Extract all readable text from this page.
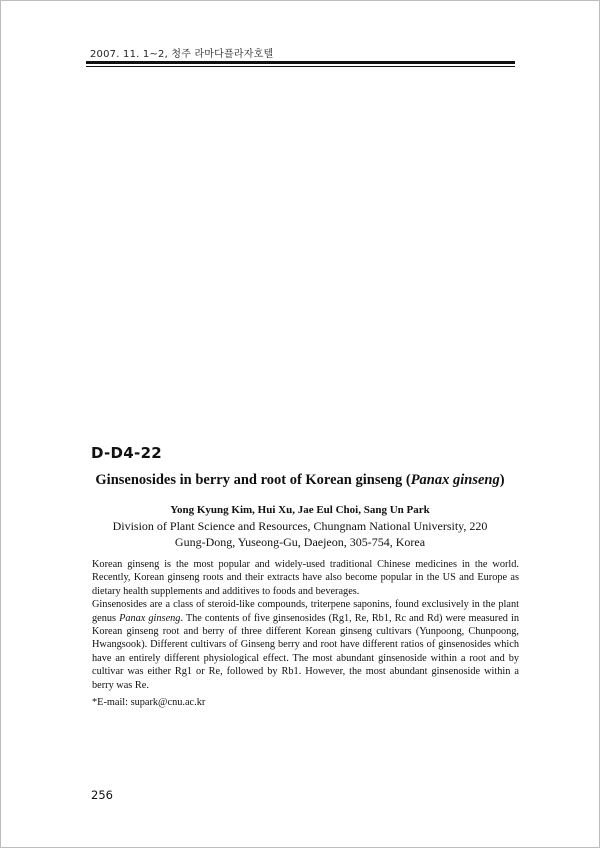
2007. 11. 1~2, 청주 라마다플라자호텔
D-D4-22
Ginsenosides in berry and root of Korean ginseng (Panax ginseng)
Yong Kyung Kim, Hui Xu, Jae Eul Choi, Sang Un Park
Division of Plant Science and Resources, Chungnam National University, 220
Gung-Dong, Yuseong-Gu, Daejeon, 305-754, Korea

Korean ginseng is the most popular and widely-used traditional Chinese medicines in the world. Recently, Korean ginseng roots and their extracts have also become popular in the US and Europe as dietary health supplements and additives to foods and beverages.

Ginsenosides are a class of steroid-like compounds, triterpene saponins, found exclusively in the plant genus Panax ginseng. The contents of five ginsenosides (Rg1, Re, Rb1, Rc and Rd) were measured in Korean ginseng root and berry of three different Korean ginseng cultivars (Yunpoong, Chunpoong, Hwangsook). Different cultivars of Ginseng berry and root have different ratios of ginsenosides which have an entirely different physiological effect. The most abundant ginsenoside within a root and by cultivar was either Rg1 or Re, followed by Rb1. However, the most abundant ginsenoside within a berry was Re.

*E-mail: supark@cnu.ac.kr
256
